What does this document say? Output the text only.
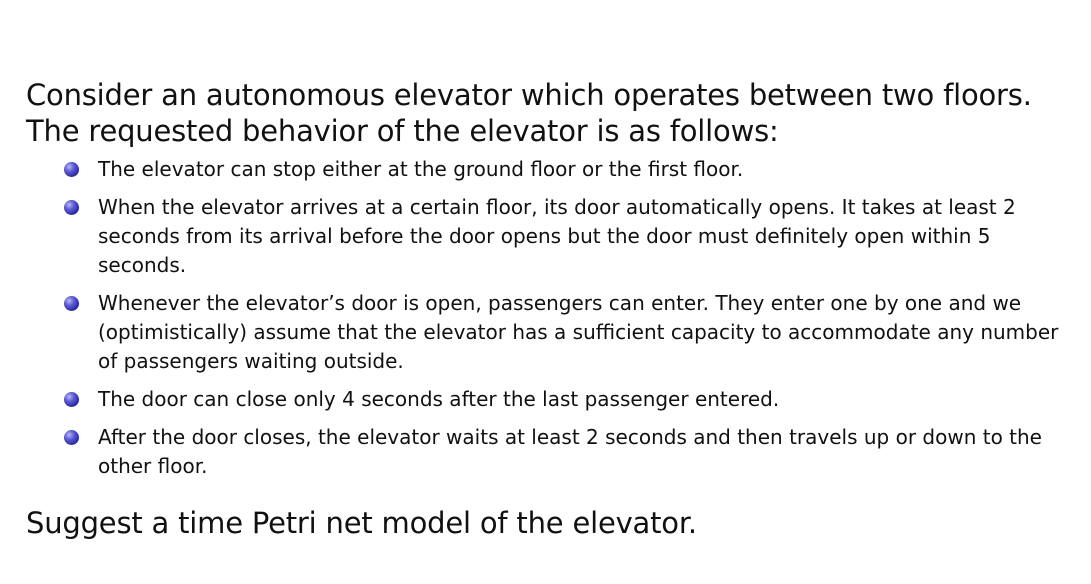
Consider an autonomous elevator which operates between two floors.
The requested behavior of the elevator is as follows:

The elevator can stop either at the ground floor or the first floor.
When the elevator arrives at a certain floor, its door automatically opens. It takes at least 2 seconds from its arrival before the door opens but the door must definitely open within 5 seconds.
Whenever the elevator’s door is open, passengers can enter. They enter one by one and we (optimistically) assume that the elevator has a sufficient capacity to accommodate any number of passengers waiting outside.
The door can close only 4 seconds after the last passenger entered.
After the door closes, the elevator waits at least 2 seconds and then travels up or down to the other floor.

Suggest a time Petri net model of the elevator.
